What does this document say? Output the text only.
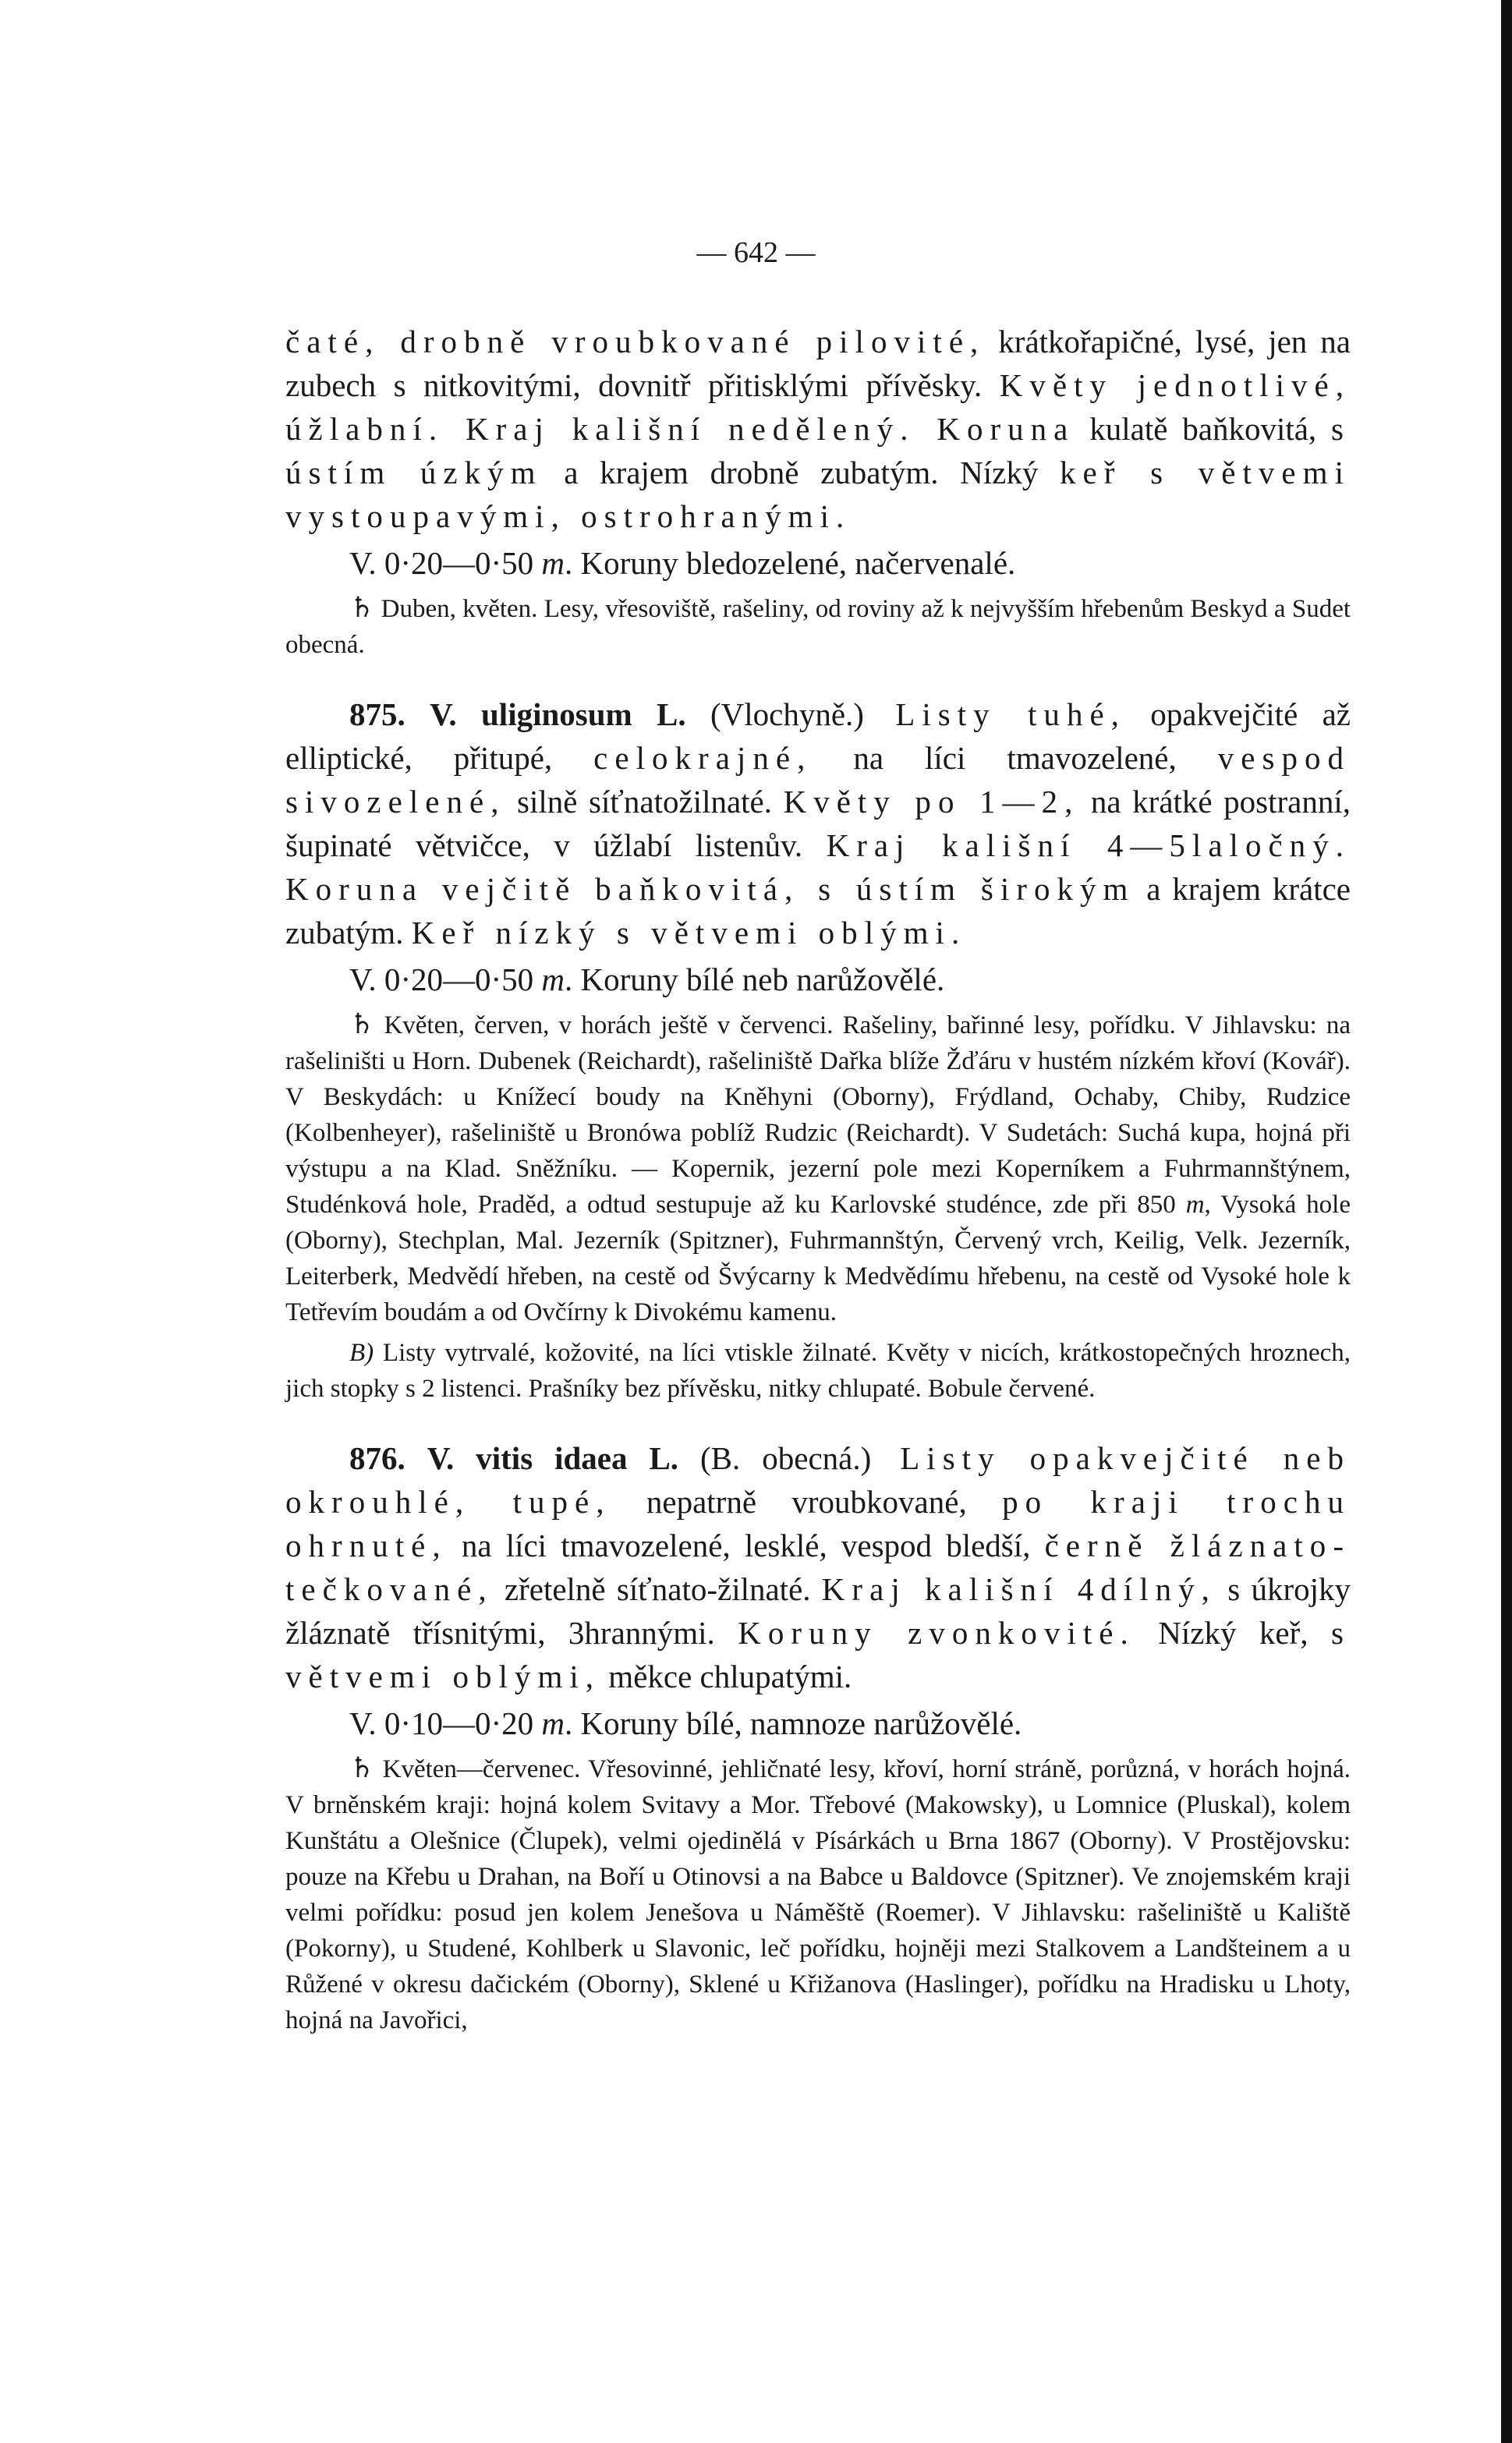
— 642 —

čaté, drobně vroubkované pilovité, krátkořapičné, lysé, jen na zubech s nitkovitými, dovnitř přitisklými přívěsky. Květy jednotlivé, úžlabní. Kraj kališní nedělený. Koruna kulatě baňkovitá, s ústím úzkým a krajem drobně zubatým. Nízký keř s větvemi vystoupavými, ostrohranými.

V. 0·20—0·50 m. Koruny bledozelené, načervenalé.

♄ Duben, květen. Lesy, vřesoviště, rašeliny, od roviny až k nejvyšším hřebenům Beskyd a Sudet obecná.

875. V. uliginosum L. (Vlochyně.) Listy tuhé, opakvejčité až elliptické, přitupé, celokrajné, na líci tmavozelené, vespod sivozelené, silně síťnatožilnaté. Květy po 1—2, na krátké postranní, šupinaté větvičce, v úžlabí listenův. Kraj kališní 4—5laločný. Koruna vejčitě baňkovitá, s ústím širokým a krajem krátce zubatým. Keř nízký s větvemi oblými.

V. 0·20—0·50 m. Koruny bílé neb narůžovělé.

♄ Květen, červen, v horách ještě v červenci. Rašeliny, bařinné lesy, pořídku. V Jihlavsku: na rašeliništi u Horn. Dubenek (Reichardt), rašeliniště Dařka blíže Žďáru v hustém nízkém křoví (Kovář). V Beskydách: u Knížecí boudy na Kněhyni (Oborny), Frýdland, Ochaby, Chiby, Rudzice (Kolbenheyer), rašeliniště u Bronówa poblíž Rudzic (Reichardt). V Sudetách: Suchá kupa, hojná při výstupu a na Klad. Sněžníku. — Kopernik, jezerní pole mezi Koperníkem a Fuhrmannštýnem, Studénková hole, Praděd, a odtud sestupuje až ku Karlovské studénce, zde při 850 m, Vysoká hole (Oborny), Stechplan, Mal. Jezerník (Spitzner), Fuhrmannštýn, Červený vrch, Keilig, Velk. Jezerník, Leiterberk, Medvědí hřeben, na cestě od Švýcarny k Medvědímu hřebenu, na cestě od Vysoké hole k Tetřevím boudám a od Ovčírny k Divokému kamenu.

B) Listy vytrvalé, kožovité, na líci vtiskle žilnaté. Květy v nicích, krátkostopečných hroznech, jich stopky s 2 listenci. Prašníky bez přívěsku, nitky chlupaté. Bobule červené.

876. V. vitis idaea L. (B. obecná.) Listy opakvejčité neb okrouhlé, tupé, nepatrně vroubkované, po kraji trochu ohrnuté, na líci tmavozelené, lesklé, vespod bledší, černě žláznato-tečkované, zřetelně síťnato-žilnaté. Kraj kališní 4dílný, s úkrojky žláznatě třísnitými, 3hrannými. Koruny zvonkovité. Nízký keř, s větvemi oblými, měkce chlupatými.

V. 0·10—0·20 m. Koruny bílé, namnoze narůžovělé.

♄ Květen—červenec. Vřesovinné, jehličnaté lesy, křoví, horní stráně, porůzná, v horách hojná. V brněnském kraji: hojná kolem Svitavy a Mor. Třebové (Makowsky), u Lomnice (Pluskal), kolem Kunštátu a Olešnice (Člupek), velmi ojedinělá v Písárkách u Brna 1867 (Oborny). V Prostějovsku: pouze na Křebu u Drahan, na Boří u Otinovsi a na Babce u Baldovce (Spitzner). Ve znojemském kraji velmi pořídku: posud jen kolem Jenešova u Náměště (Roemer). V Jihlavsku: rašeliniště u Kaliště (Pokorny), u Studené, Kohlberk u Slavonic, leč pořídku, hojněji mezi Stalkovem a Landšteinem a u Růžené v okresu dačickém (Oborny), Sklené u Křižanova (Haslinger), pořídku na Hradisku u Lhoty, hojná na Javořici,
